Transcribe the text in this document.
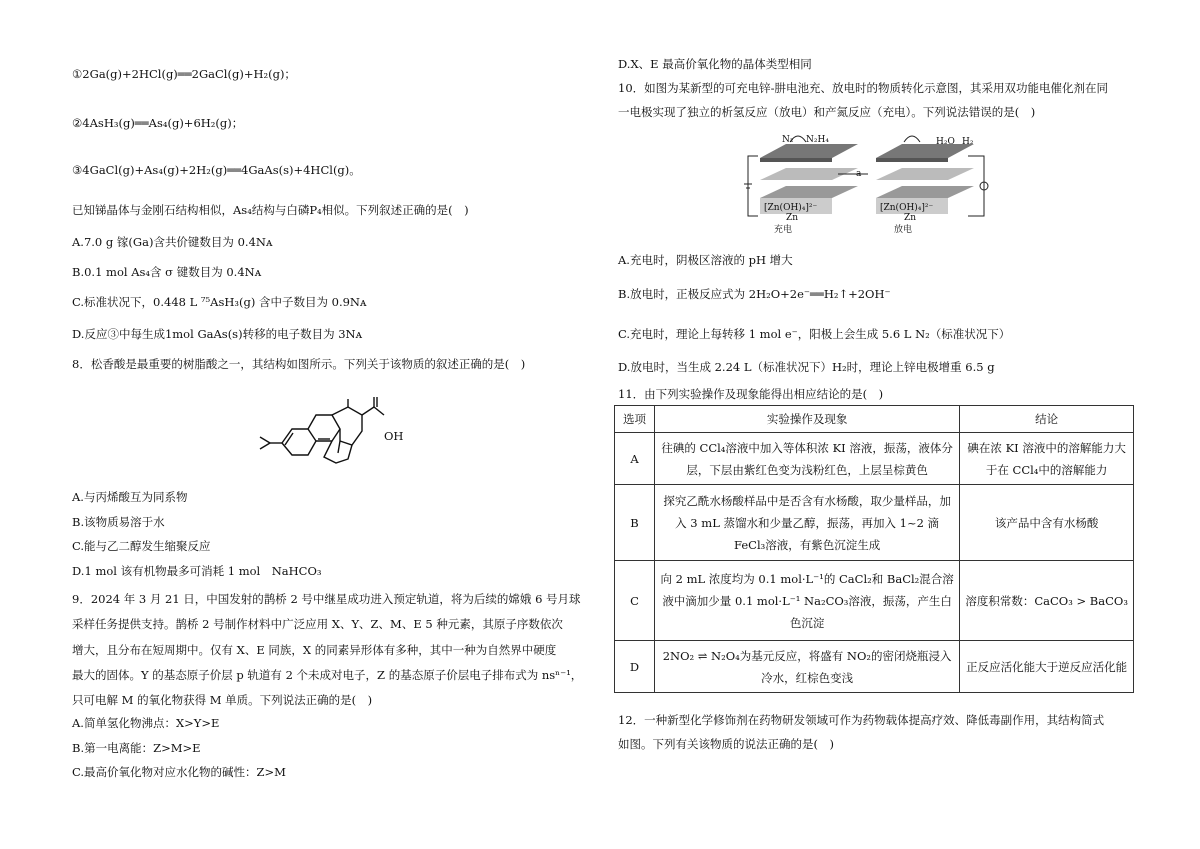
①2Ga(g)+2HCl(g)══2GaCl(g)+H₂(g)；
②4AsH₃(g)══As₄(g)+6H₂(g)；
③4GaCl(g)+As₄(g)+2H₂(g)══4GaAs(s)+4HCl(g)。
已知锑晶体与金刚石结构相似，As₄结构与白磷P₄相似。下列叙述正确的是(　)
A.7.0 g 镓(Ga)含共价键数目为 0.4Nᴀ
B.0.1 mol As₄含 σ 键数目为 0.4Nᴀ
C.标准状况下，0.448 L ⁷⁵AsH₃(g) 含中子数目为 0.9Nᴀ
D.反应③中每生成1mol GaAs(s)转移的电子数目为 3Nᴀ
8．松香酸是最重要的树脂酸之一，其结构如图所示。下列关于该物质的叙述正确的是(　)
OH
A.与丙烯酸互为同系物
B.该物质易溶于水
C.能与乙二醇发生缩聚反应
D.1 mol 该有机物最多可消耗 1 mol　NaHCO₃
9．2024 年 3 月 21 日，中国发射的鹊桥 2 号中继星成功进入预定轨道，将为后续的嫦娥 6 号月球
采样任务提供支持。鹊桥 2 号制作材料中广泛应用 X、Y、Z、M、E 5 种元素，其原子序数依次
增大，且分布在短周期中。仅有 X、E 同族，X 的同素异形体有多种，其中一种为自然界中硬度
最大的固体。Y 的基态原子价层 p 轨道有 2 个未成对电子，Z 的基态原子价层电子排布式为 nsⁿ⁻¹，
只可电解 M 的氧化物获得 M 单质。下列说法正确的是(　)
A.简单氢化物沸点：X>Y>E
B.第一电离能：Z>M>E
C.最高价氧化物对应水化物的碱性：Z>M
D.X、E 最高价氧化物的晶体类型相同
10．如图为某新型的可充电锌-肼电池充、放电时的物质转化示意图，其采用双功能电催化剂在同
一电极实现了独立的析氢反应（放电）和产氮反应（充电）。下列说法错误的是(　)
N₂ N₂H₄	H₂O H₂
a
[Zn(OH)₄]²⁻	[Zn(OH)₄]²⁻
Zn	Zn
充电	放电
A.充电时，阴极区溶液的 pH 增大
B.放电时，正极反应式为 2H₂O+2e⁻══H₂↑+2OH⁻
C.充电时，理论上每转移 1 mol e⁻，阳极上会生成 5.6 L N₂（标准状况下）
D.放电时，当生成 2.24 L（标准状况下）H₂时，理论上锌电极增重 6.5 g
11．由下列实验操作及现象能得出相应结论的是(　)
选项	实验操作及现象	结论
A	往碘的 CCl₄溶液中加入等体积浓 KI 溶液，振荡，液体分层，下层由紫红色变为浅粉红色，上层呈棕黄色	碘在浓 KI 溶液中的溶解能力大于在 CCl₄中的溶解能力
B	探究乙酰水杨酸样品中是否含有水杨酸，取少量样品，加入 3 mL 蒸馏水和少量乙醇，振荡，再加入 1~2 滴 FeCl₃溶液，有紫色沉淀生成	该产品中含有水杨酸
C	向 2 mL 浓度均为 0.1 mol·L⁻¹的 CaCl₂和 BaCl₂混合溶液中滴加少量 0.1 mol·L⁻¹ Na₂CO₃溶液，振荡，产生白色沉淀	溶度积常数：CaCO₃ > BaCO₃
D	2NO₂ ⇌ N₂O₄为基元反应，将盛有 NO₂的密闭烧瓶浸入冷水，红棕色变浅	正反应活化能大于逆反应活化能
12．一种新型化学修饰剂在药物研发领域可作为药物载体提高疗效、降低毒副作用，其结构简式
如图。下列有关该物质的说法正确的是(　)
